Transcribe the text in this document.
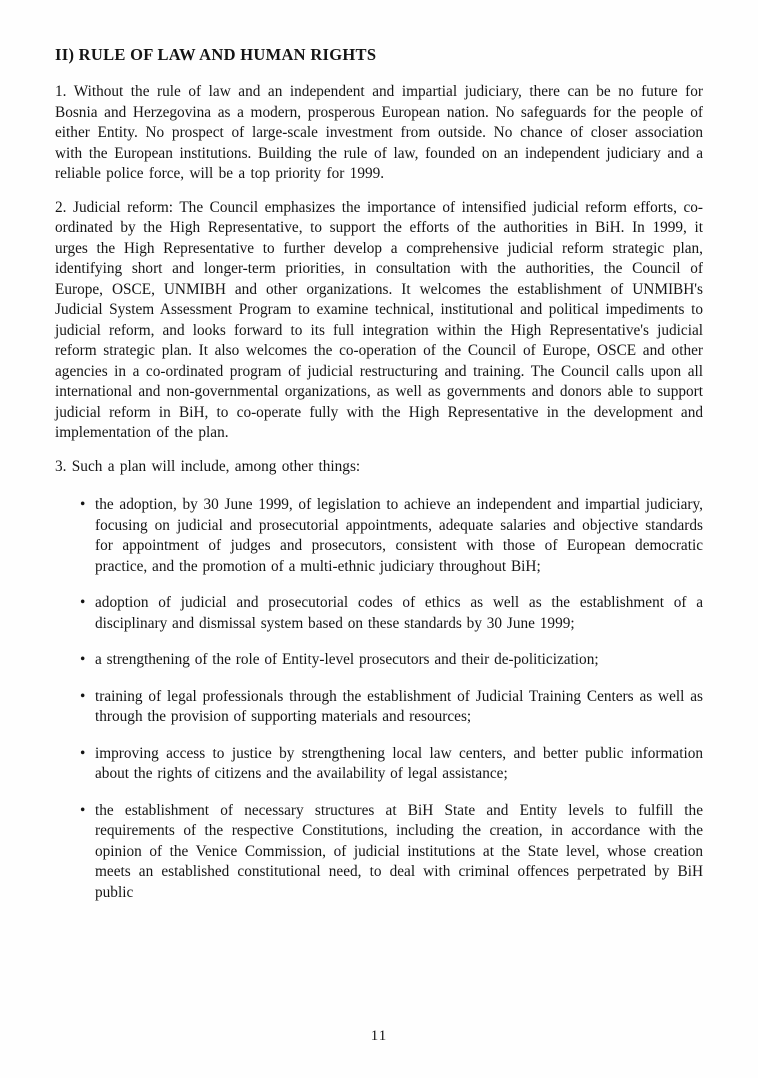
II) RULE OF LAW AND HUMAN RIGHTS

1. Without the rule of law and an independent and impartial judiciary, there can be no future for Bosnia and Herzegovina as a modern, prosperous European nation. No safeguards for the people of either Entity. No prospect of large-scale investment from outside. No chance of closer association with the European institutions. Building the rule of law, founded on an independent judiciary and a reliable police force, will be a top priority for 1999.

2. Judicial reform: The Council emphasizes the importance of intensified judicial reform efforts, co-ordinated by the High Representative, to support the efforts of the authorities in BiH. In 1999, it urges the High Representative to further develop a comprehensive judicial reform strategic plan, identifying short and longer-term priorities, in consultation with the authorities, the Council of Europe, OSCE, UNMIBH and other organizations. It welcomes the establishment of UNMIBH's Judicial System Assessment Program to examine technical, institutional and political impediments to judicial reform, and looks forward to its full integration within the High Representative's judicial reform strategic plan. It also welcomes the co-operation of the Council of Europe, OSCE and other agencies in a co-ordinated program of judicial restructuring and training. The Council calls upon all international and non-governmental organizations, as well as governments and donors able to support judicial reform in BiH, to co-operate fully with the High Representative in the development and implementation of the plan.

3. Such a plan will include, among other things:

• the adoption, by 30 June 1999, of legislation to achieve an independent and impartial judiciary, focusing on judicial and prosecutorial appointments, adequate salaries and objective standards for appointment of judges and prosecutors, consistent with those of European democratic practice, and the promotion of a multi-ethnic judiciary throughout BiH;
• adoption of judicial and prosecutorial codes of ethics as well as the establishment of a disciplinary and dismissal system based on these standards by 30 June 1999;
• a strengthening of the role of Entity-level prosecutors and their de-politicization;
• training of legal professionals through the establishment of Judicial Training Centers as well as through the provision of supporting materials and resources;
• improving access to justice by strengthening local law centers, and better public information about the rights of citizens and the availability of legal assistance;
• the establishment of necessary structures at BiH State and Entity levels to fulfill the requirements of the respective Constitutions, including the creation, in accordance with the opinion of the Venice Commission, of judicial institutions at the State level, whose creation meets an established constitutional need, to deal with criminal offences perpetrated by BiH public
11
